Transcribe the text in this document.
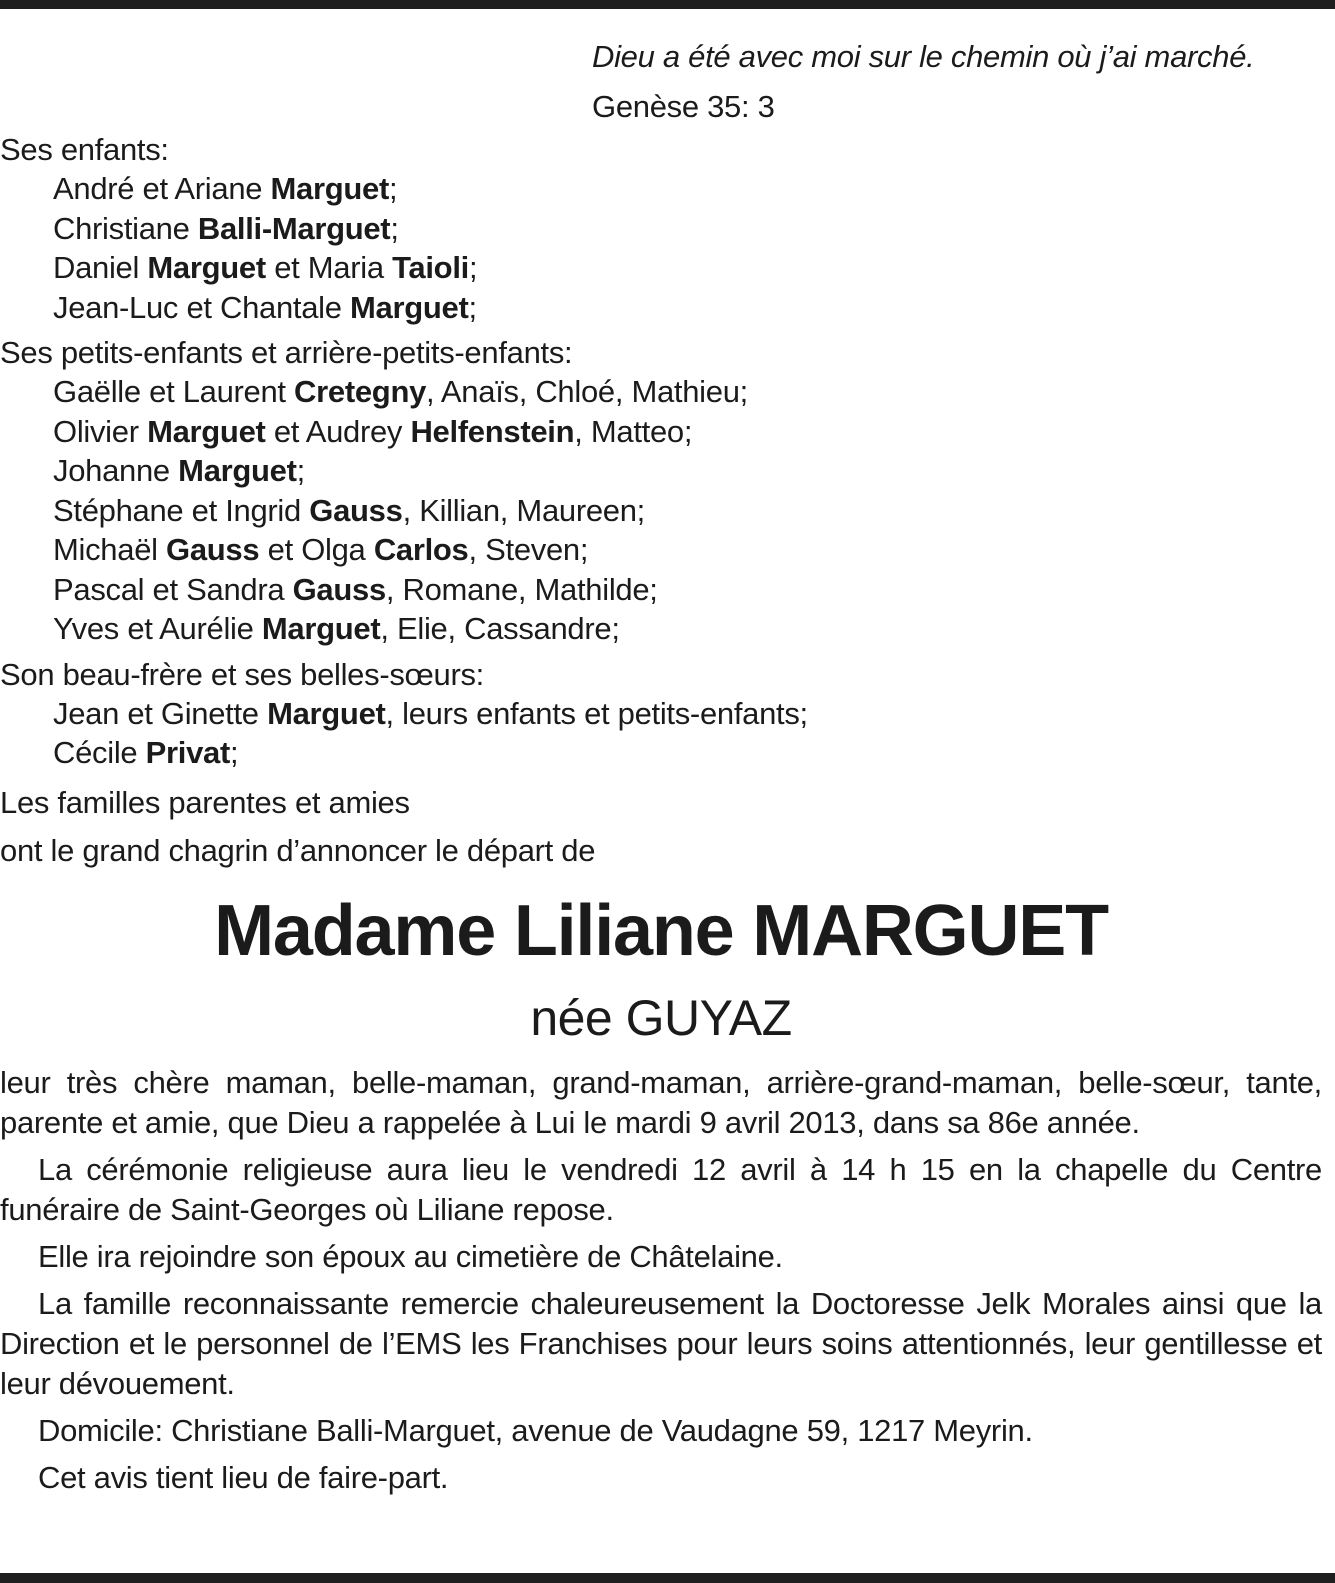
Dieu a été avec moi sur le chemin où j’ai marché.
Genèse 35: 3
Ses enfants:
André et Ariane Marguet;
Christiane Balli-Marguet;
Daniel Marguet et Maria Taioli;
Jean-Luc et Chantale Marguet;
Ses petits-enfants et arrière-petits-enfants:
Gaëlle et Laurent Cretegny, Anaïs, Chloé, Mathieu;
Olivier Marguet et Audrey Helfenstein, Matteo;
Johanne Marguet;
Stéphane et Ingrid Gauss, Killian, Maureen;
Michaël Gauss et Olga Carlos, Steven;
Pascal et Sandra Gauss, Romane, Mathilde;
Yves et Aurélie Marguet, Elie, Cassandre;
Son beau-frère et ses belles-sœurs:
Jean et Ginette Marguet, leurs enfants et petits-enfants;
Cécile Privat;
Les familles parentes et amies
ont le grand chagrin d’annoncer le départ de
Madame Liliane MARGUET
née GUYAZ

leur très chère maman, belle-maman, grand-maman, arrière-grand-maman, belle-sœur, tante, parente et amie, que Dieu a rappelée à Lui le mardi 9 avril 2013, dans sa 86e année.

La cérémonie religieuse aura lieu le vendredi 12 avril à 14 h 15 en la chapelle du Centre funéraire de Saint-Georges où Liliane repose.

Elle ira rejoindre son époux au cimetière de Châtelaine.

La famille reconnaissante remercie chaleureusement la Doctoresse Jelk Morales ainsi que la Direction et le personnel de l’EMS les Franchises pour leurs soins attentionnés, leur gentillesse et leur dévouement.

Domicile: Christiane Balli-Marguet, avenue de Vaudagne 59, 1217 Meyrin.

Cet avis tient lieu de faire-part.
